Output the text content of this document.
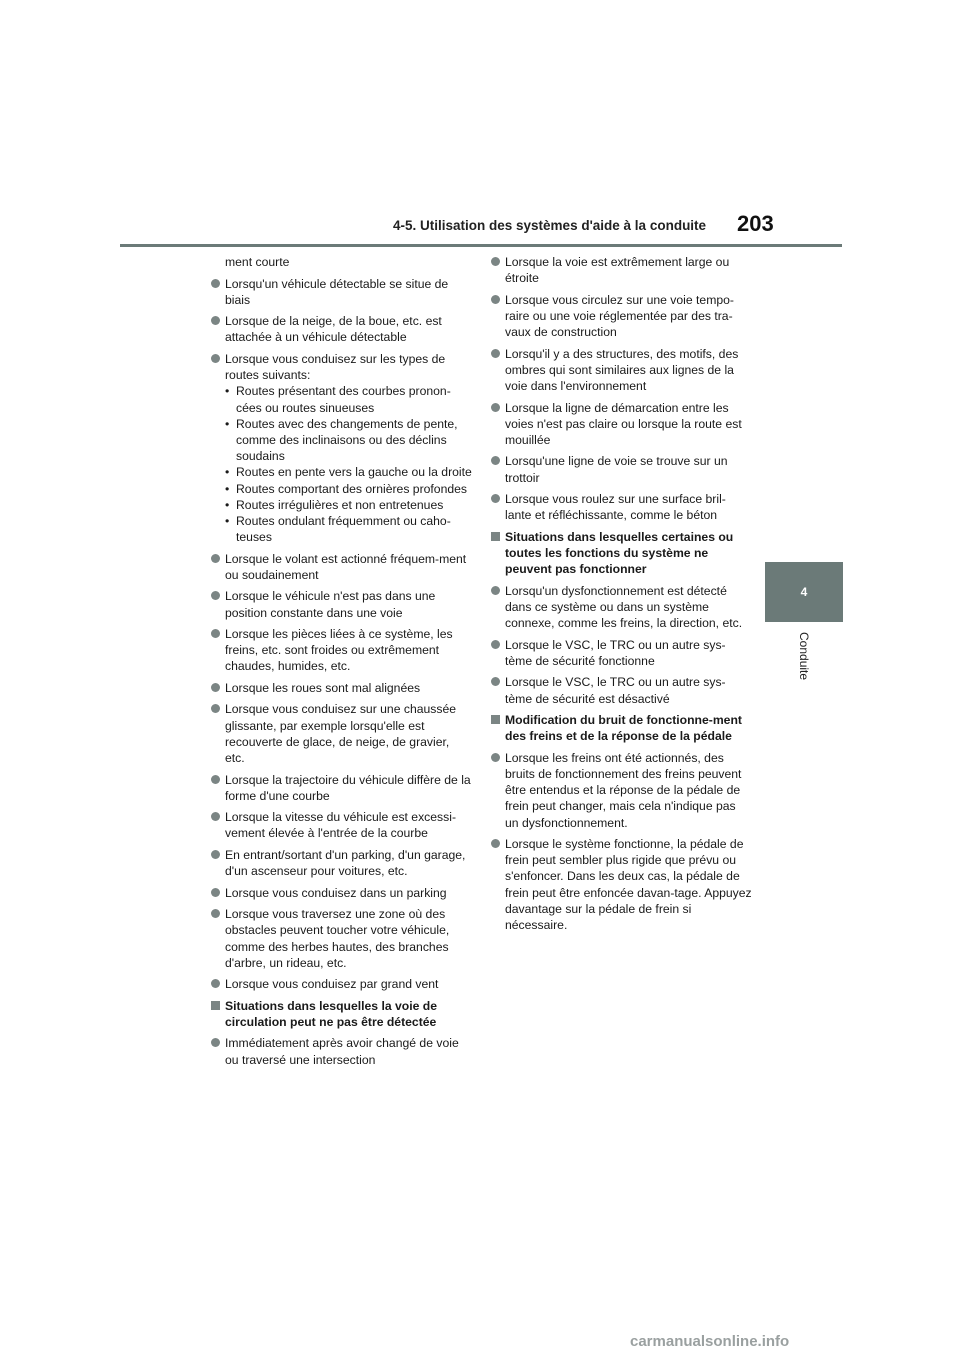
4-5. Utilisation des systèmes d'aide à la conduite 203
4
Conduite
ment courte
Lorsqu'un véhicule détectable se situe de biais
Lorsque de la neige, de la boue, etc. est attachée à un véhicule détectable
Lorsque vous conduisez sur les types de routes suivants:
• Routes présentant des courbes pronon-cées ou routes sinueuses
• Routes avec des changements de pente, comme des inclinaisons ou des déclins soudains
• Routes en pente vers la gauche ou la droite
• Routes comportant des ornières profondes
• Routes irrégulières et non entretenues
• Routes ondulant fréquemment ou caho-teuses
Lorsque le volant est actionné fréquem-ment ou soudainement
Lorsque le véhicule n'est pas dans une position constante dans une voie
Lorsque les pièces liées à ce système, les freins, etc. sont froides ou extrêmement chaudes, humides, etc.
Lorsque les roues sont mal alignées
Lorsque vous conduisez sur une chaussée glissante, par exemple lorsqu'elle est recouverte de glace, de neige, de gravier, etc.
Lorsque la trajectoire du véhicule diffère de la forme d'une courbe
Lorsque la vitesse du véhicule est excessi-vement élevée à l'entrée de la courbe
En entrant/sortant d'un parking, d'un garage, d'un ascenseur pour voitures, etc.
Lorsque vous conduisez dans un parking
Lorsque vous traversez une zone où des obstacles peuvent toucher votre véhicule, comme des herbes hautes, des branches d'arbre, un rideau, etc.
Lorsque vous conduisez par grand vent
Situations dans lesquelles la voie de circulation peut ne pas être détectée
Immédiatement après avoir changé de voie ou traversé une intersection
Lorsque la voie est extrêmement large ou étroite
Lorsque vous circulez sur une voie tempo-raire ou une voie réglementée par des tra-vaux de construction
Lorsqu'il y a des structures, des motifs, des ombres qui sont similaires aux lignes de la voie dans l'environnement
Lorsque la ligne de démarcation entre les voies n'est pas claire ou lorsque la route est mouillée
Lorsqu'une ligne de voie se trouve sur un trottoir
Lorsque vous roulez sur une surface bril-lante et réfléchissante, comme le béton
Situations dans lesquelles certaines ou toutes les fonctions du système ne peuvent pas fonctionner
Lorsqu'un dysfonctionnement est détecté dans ce système ou dans un système connexe, comme les freins, la direction, etc.
Lorsque le VSC, le TRC ou un autre sys-tème de sécurité fonctionne
Lorsque le VSC, le TRC ou un autre sys-tème de sécurité est désactivé
Modification du bruit de fonctionne-ment des freins et de la réponse de la pédale
Lorsque les freins ont été actionnés, des bruits de fonctionnement des freins peuvent être entendus et la réponse de la pédale de frein peut changer, mais cela n'indique pas un dysfonctionnement.
Lorsque le système fonctionne, la pédale de frein peut sembler plus rigide que prévu ou s'enfoncer. Dans les deux cas, la pédale de frein peut être enfoncée davan-tage. Appuyez davantage sur la pédale de frein si nécessaire.
carmanualsonline.info
